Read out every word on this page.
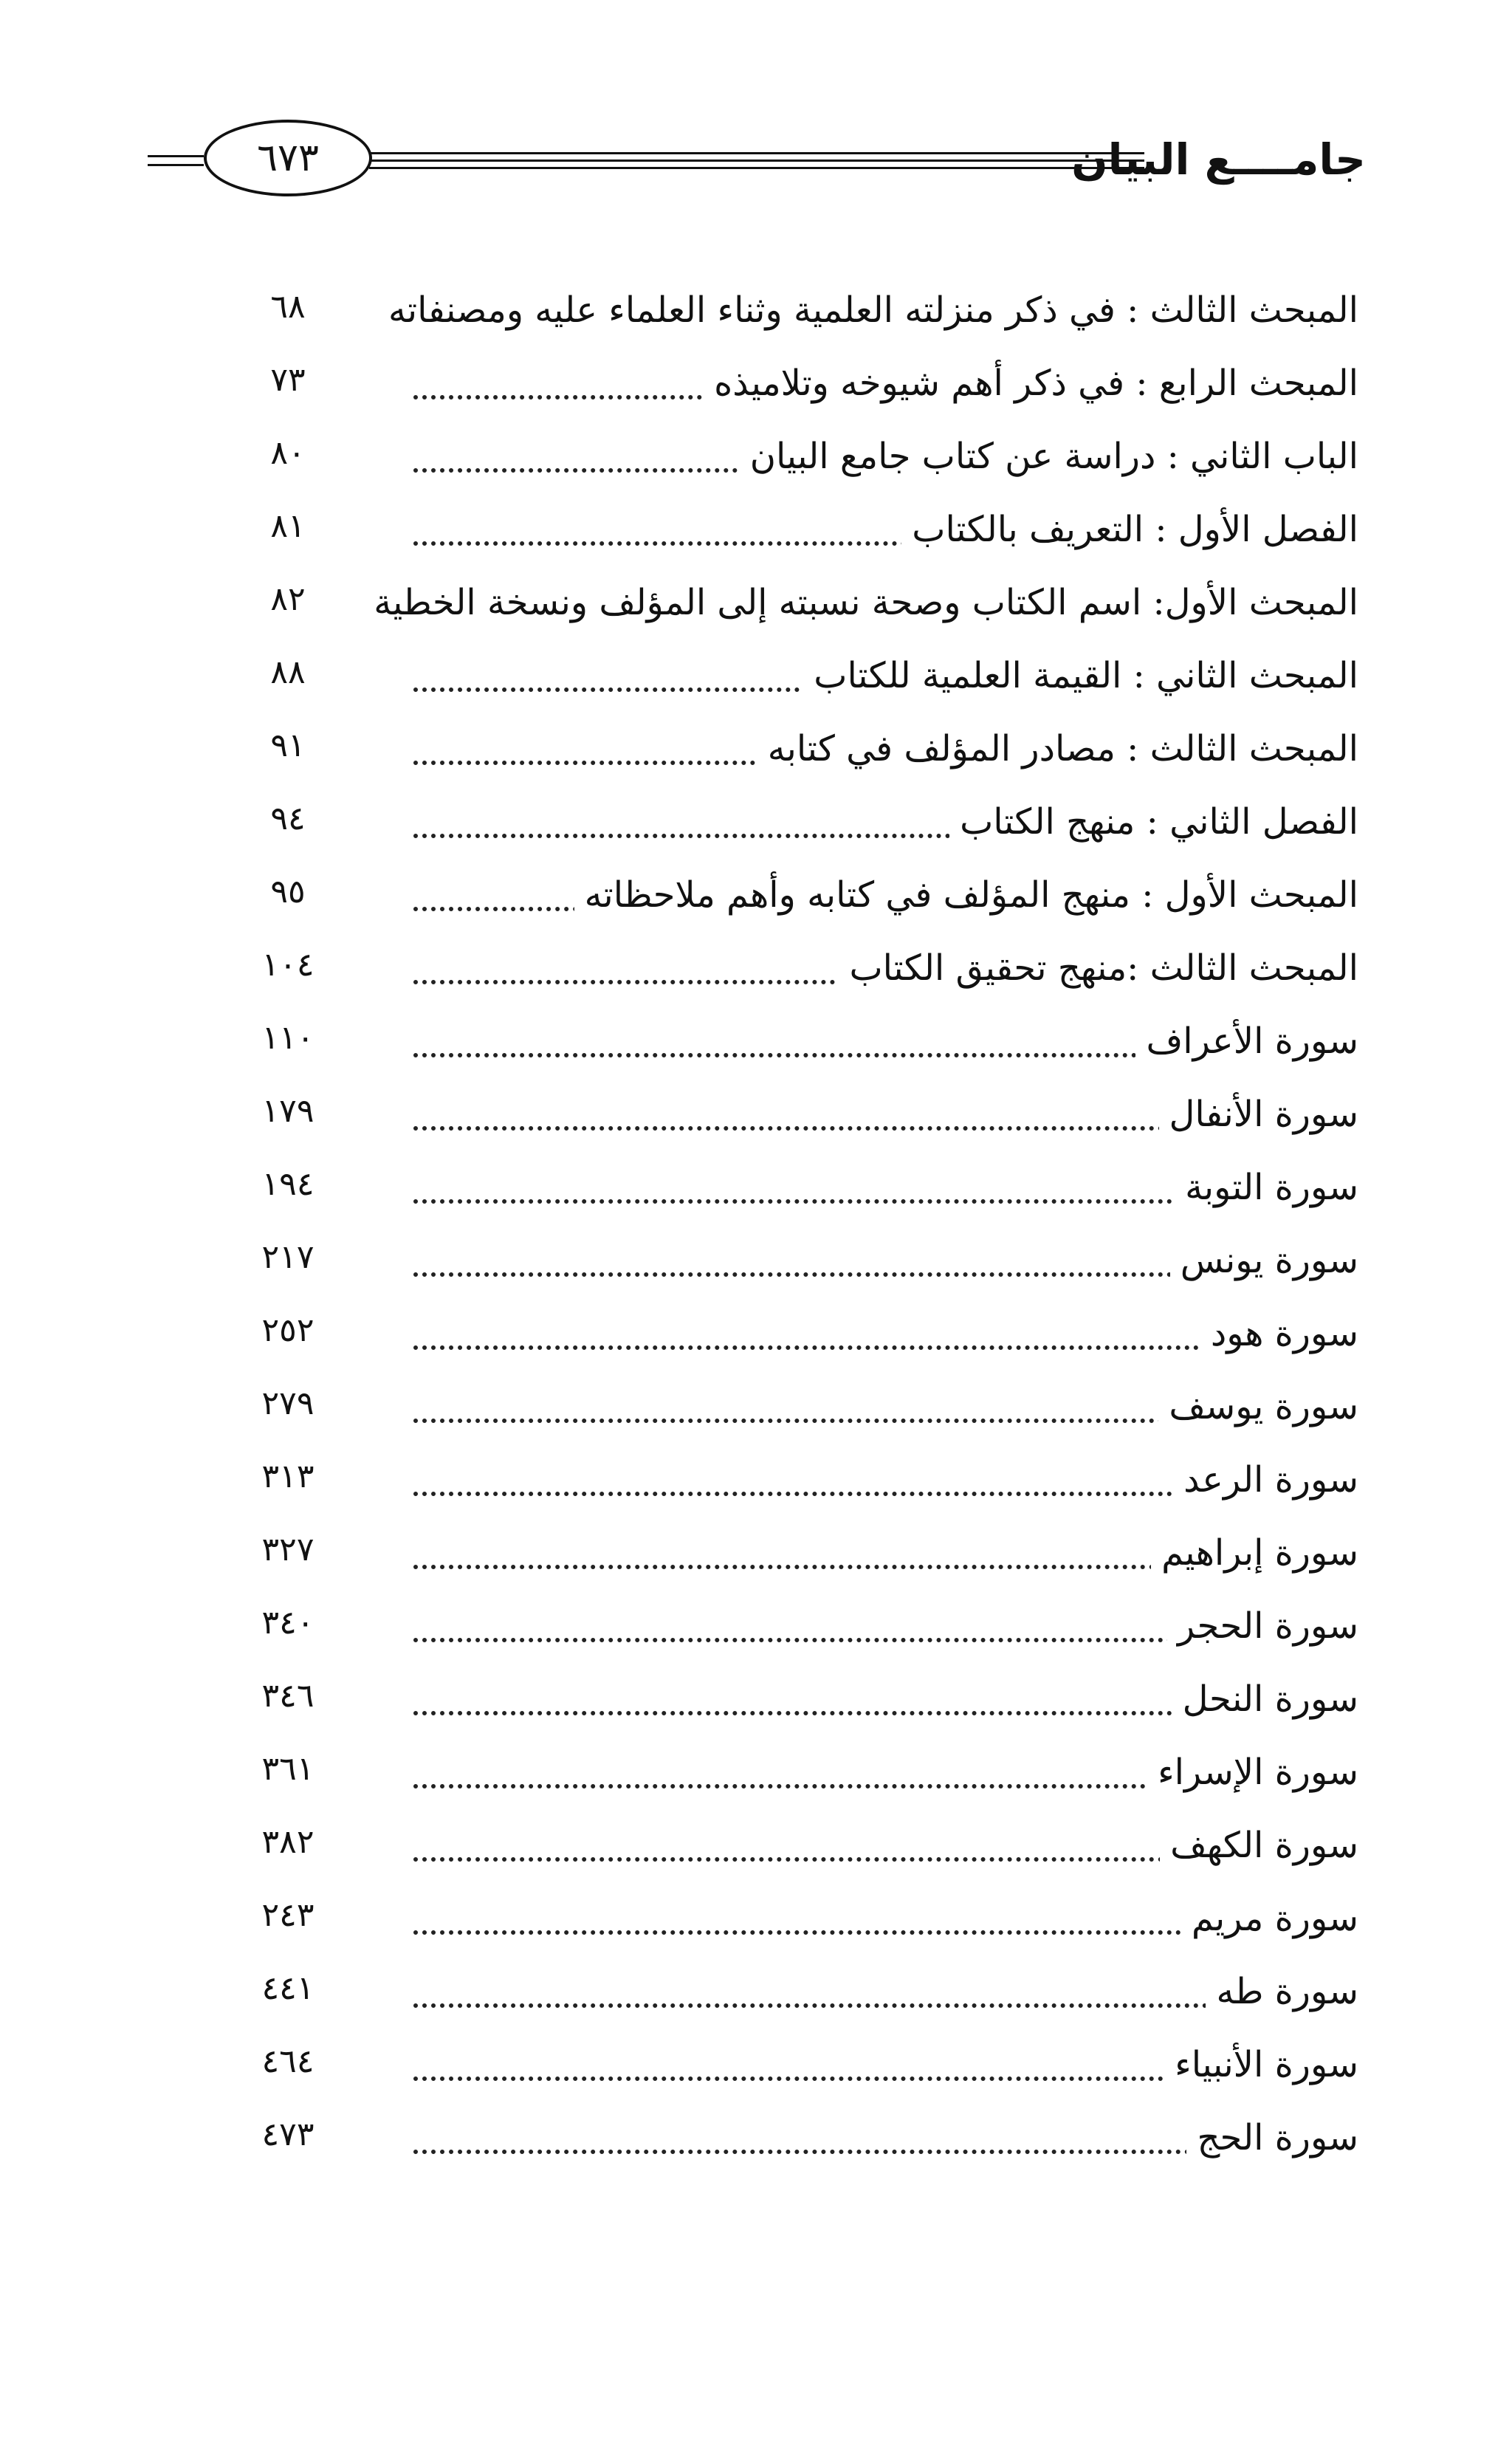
جامــــع البيان
٦٧٣
المبحث الثالث : في ذكر منزلته العلمية وثناء العلماء عليه ومصنفاته
٦٨
المبحث الرابع : في ذكر أهم شيوخه وتلاميذه
٧٣
الباب الثاني : دراسة عن كتاب جامع البيان
٨٠
الفصل الأول : التعريف بالكتاب
٨١
المبحث الأول: اسم الكتاب وصحة نسبته إلى المؤلف ونسخة الخطية
٨٢
المبحث الثاني : القيمة العلمية للكتاب
٨٨
المبحث الثالث : مصادر المؤلف في كتابه
٩١
الفصل الثاني : منهج الكتاب
٩٤
المبحث الأول : منهج المؤلف في كتابه وأهم ملاحظاته
٩٥
المبحث الثالث :منهج تحقيق الكتاب
١٠٤
سورة الأعراف
١١٠
سورة الأنفال
١٧٩
سورة التوبة
١٩٤
سورة يونس
٢١٧
سورة هود
٢٥٢
سورة يوسف
٢٧٩
سورة الرعد
٣١٣
سورة إبراهيم
٣٢٧
سورة الحجر
٣٤٠
سورة النحل
٣٤٦
سورة الإسراء
٣٦١
سورة الكهف
٣٨٢
سورة مريم
٢٤٣
سورة طه
٤٤١
سورة الأنبياء
٤٦٤
سورة الحج
٤٧٣
